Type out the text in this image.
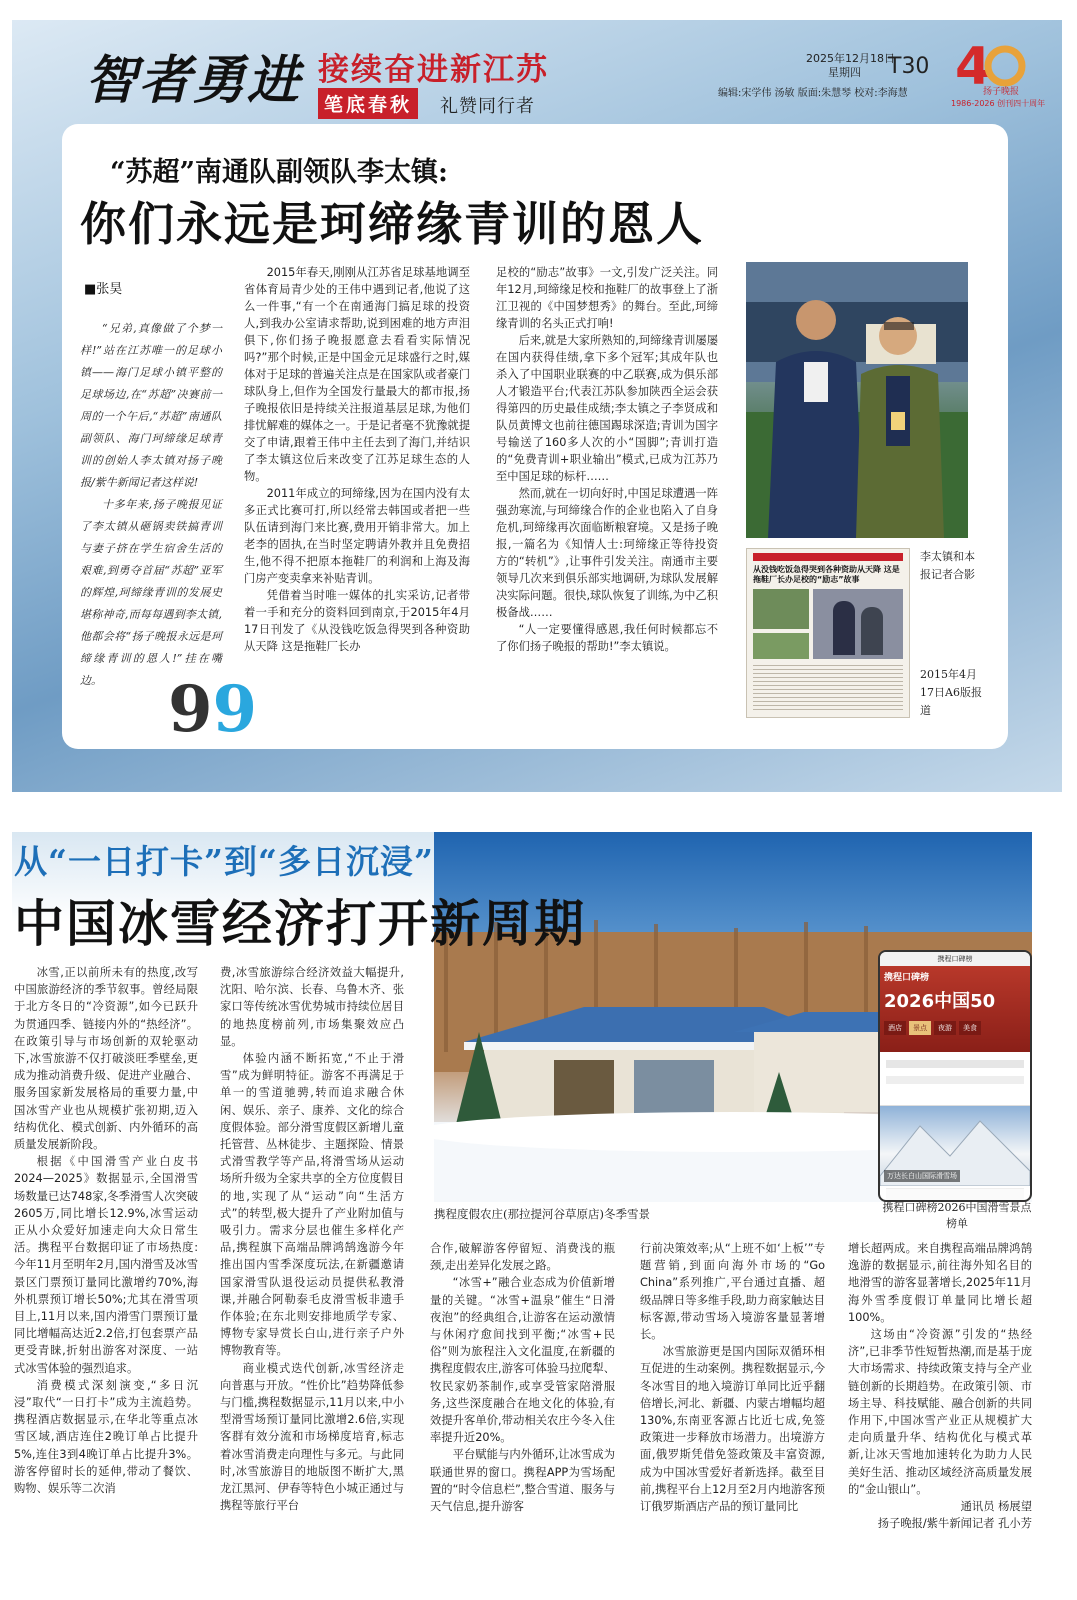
智者勇进 接续奋进新江苏
笔底春秋	礼赞同行者
2025年12月18日
星期四	T30
编辑:宋学伟 汤敏 版面:朱慧琴 校对:李海慧 4
扬子晚报
1986-2026 创刊四十周年
“苏超”南通队副领队李太镇:
你们永远是珂缔缘青训的恩人
■张昊

“兄弟,真像做了个梦一样!”站在江苏唯一的足球小镇——海门足球小镇平整的足球场边,在“苏超”决赛前一周的一个午后,“苏超”南通队副领队、海门珂缔缘足球青训的创始人李太镇对扬子晚报/紫牛新闻记者这样说!

十多年来,扬子晚报见证了李太镇从砸锅卖铁搞青训与妻子挤在学生宿舍生活的艰难,到勇夺首届“苏超”亚军的辉煌,珂缔缘青训的发展史堪称神奇,而每每遇到李太镇,他都会将“扬子晚报永远是珂缔缘青训的恩人!”挂在嘴边。	99

2015年春天,刚刚从江苏省足球基地调至省体育局青少处的王伟中遇到记者,他说了这么一件事,“有一个在南通海门搞足球的投资人,到我办公室请求帮助,说到困难的地方声泪俱下,你们扬子晚报愿意去看看实际情况吗?”那个时候,正是中国金元足球盛行之时,媒体对于足球的普遍关注点是在国家队或者豪门球队身上,但作为全国发行量最大的都市报,扬子晚报依旧是持续关注报道基层足球,为他们排忧解难的媒体之一。于是记者毫不犹豫就提交了申请,跟着王伟中主任去到了海门,并结识了李太镇这位后来改变了江苏足球生态的人物。

2011年成立的珂缔缘,因为在国内没有太多正式比赛可打,所以经常去韩国或者把一些队伍请到海门来比赛,费用开销非常大。加上老李的固执,在当时坚定聘请外教并且免费招生,他不得不把原本拖鞋厂的利润和上海及海门房产变卖拿来补贴青训。

凭借着当时唯一媒体的扎实采访,记者带着一手和充分的资料回到南京,于2015年4月17日刊发了《从没钱吃饭急得哭到各种资助从天降 这是拖鞋厂长办

足校的“励志”故事》一文,引发广泛关注。同年12月,珂缔缘足校和拖鞋厂的故事登上了浙江卫视的《中国梦想秀》的舞台。至此,珂缔缘青训的名头正式打响!

后来,就是大家所熟知的,珂缔缘青训屡屡在国内获得佳绩,拿下多个冠军;其成年队也杀入了中国职业联赛的中乙联赛,成为俱乐部人才锻造平台;代表江苏队参加陕西全运会获得第四的历史最佳成绩;李太镇之子李贤成和队员黄博文也前往德国踢球深造;青训为国字号输送了160多人次的小“国脚”;青训打造的“免费青训+职业输出”模式,已成为江苏乃至中国足球的标杆……

然而,就在一切向好时,中国足球遭遇一阵强劲寒流,与珂缔缘合作的企业也陷入了自身危机,珂缔缘再次面临断粮窘境。又是扬子晚报,一篇名为《知情人士:珂缔缘正等待投资方的“转机”》,让事件引发关注。南通市主要领导几次来到俱乐部实地调研,为球队发展解决实际问题。很快,球队恢复了训练,为中乙积极备战……

“人一定要懂得感恩,我任何时候都忘不了你们扬子晚报的帮助!”李太镇说。

从没钱吃饭急得哭到各种资助从天降 这是拖鞋厂长办足校的“励志”故事
李太镇和本报记者合影
2015年4月17日A6版报道
从“一日打卡”到“多日沉浸”
中国冰雪经济打开新周期
携程口碑榜
携程口碑榜
2026中国50
酒店	景点	夜游	美食
万达长白山国际滑雪场
携程度假农庄(那拉提河谷草原店)冬季雪景	携程口碑榜2026中国滑雪景点榜单

冰雪,正以前所未有的热度,改写中国旅游经济的季节叙事。曾经局限于北方冬日的“冷资源”,如今已跃升为贯通四季、链接内外的“热经济”。在政策引导与市场创新的双轮驱动下,冰雪旅游不仅打破淡旺季壁垒,更成为推动消费升级、促进产业融合、服务国家新发展格局的重要力量,中国冰雪产业也从规模扩张初期,迈入结构优化、模式创新、内外循环的高质量发展新阶段。

根据《中国滑雪产业白皮书2024—2025》数据显示,全国滑雪场数量已达748家,冬季滑雪人次突破2605万,同比增长12.9%,冰雪运动正从小众爱好加速走向大众日常生活。携程平台数据印证了市场热度:今年11月至明年2月,国内滑雪及冰雪景区门票预订量同比激增约70%,海外机票预订增长50%;尤其在滑雪项目上,11月以来,国内滑雪门票预订量同比增幅高达近2.2倍,打包套票产品更受青睐,折射出游客对深度、一站式冰雪体验的强烈追求。

消费模式深刻演变,“多日沉浸”取代“一日打卡”成为主流趋势。携程酒店数据显示,在华北等重点冰雪区域,酒店连住2晚订单占比提升5%,连住3到4晚订单占比提升3%。游客停留时长的延伸,带动了餐饮、购物、娱乐等二次消

费,冰雪旅游综合经济效益大幅提升,沈阳、哈尔滨、长春、乌鲁木齐、张家口等传统冰雪优势城市持续位居目的地热度榜前列,市场集聚效应凸显。

体验内涵不断拓宽,“不止于滑雪”成为鲜明特征。游客不再满足于单一的雪道驰骋,转而追求融合休闲、娱乐、亲子、康养、文化的综合度假体验。部分滑雪度假区新增儿童托管营、丛林徒步、主题探险、情景式滑雪教学等产品,将滑雪场从运动场所升级为全家共享的全方位度假目的地,实现了从“运动”向“生活方式”的转型,极大提升了产业附加值与吸引力。需求分层也催生多样化产品,携程旗下高端品牌鸿鹄逸游今年推出国内雪季深度玩法,在新疆邀请国家滑雪队退役运动员提供私教滑课,并融合阿勒泰毛皮滑雪板非遗手作体验;在东北则安排地质学专家、博物专家导赏长白山,进行亲子户外博物教育等。

商业模式迭代创新,冰雪经济走向普惠与开放。“性价比”趋势降低参与门槛,携程数据显示,11月以来,中小型滑雪场预订量同比激增2.6倍,实现客群有效分流和市场梯度培育,标志着冰雪消费走向理性与多元。与此同时,冰雪旅游目的地版图不断扩大,黑龙江黑河、伊春等特色小城正通过与携程等旅行平台

合作,破解游客停留短、消费浅的瓶颈,走出差异化发展之路。

“冰雪+”融合业态成为价值新增量的关键。“冰雪+温泉”催生“日滑夜泡”的经典组合,让游客在运动激情与休闲疗愈间找到平衡;“冰雪+民俗”则为旅程注入文化温度,在新疆的携程度假农庄,游客可体验马拉爬犁、牧民家奶茶制作,或享受管家陪滑服务,这些深度融合在地文化的体验,有效提升客单价,带动相关农庄今冬入住率提升近20%。

平台赋能与内外循环,让冰雪成为联通世界的窗口。携程APP为雪场配置的“时令信息栏”,整合雪道、服务与天气信息,提升游客

行前决策效率;从“上班不如‘上板’”专题营销,到面向海外市场的“Go China”系列推广,平台通过直播、超级品牌日等多维手段,助力商家触达目标客源,带动雪场入境游客量显著增长。

冰雪旅游更是国内国际双循环相互促进的生动案例。携程数据显示,今冬冰雪目的地入境游订单同比近乎翻倍增长,河北、新疆、内蒙古增幅均超130%,东南亚客源占比近七成,免签政策进一步释放市场潜力。出境游方面,俄罗斯凭借免签政策及丰富资源,成为中国冰雪爱好者新选择。截至目前,携程平台上12月至2月内地游客预订俄罗斯酒店产品的预订量同比

增长超两成。来自携程高端品牌鸿鹄逸游的数据显示,前往海外知名目的地滑雪的游客显著增长,2025年11月海外雪季度假订单量同比增长超100%。

这场由“冷资源”引发的“热经济”,已非季节性短暂热潮,而是基于庞大市场需求、持续政策支持与全产业链创新的长期趋势。在政策引领、市场主导、科技赋能、融合创新的共同作用下,中国冰雪产业正从规模扩大走向质量升华、结构优化与模式革新,让冰天雪地加速转化为助力人民美好生活、推动区域经济高质量发展的“金山银山”。

通讯员 杨展望

扬子晚报/紫牛新闻记者 孔小芳
